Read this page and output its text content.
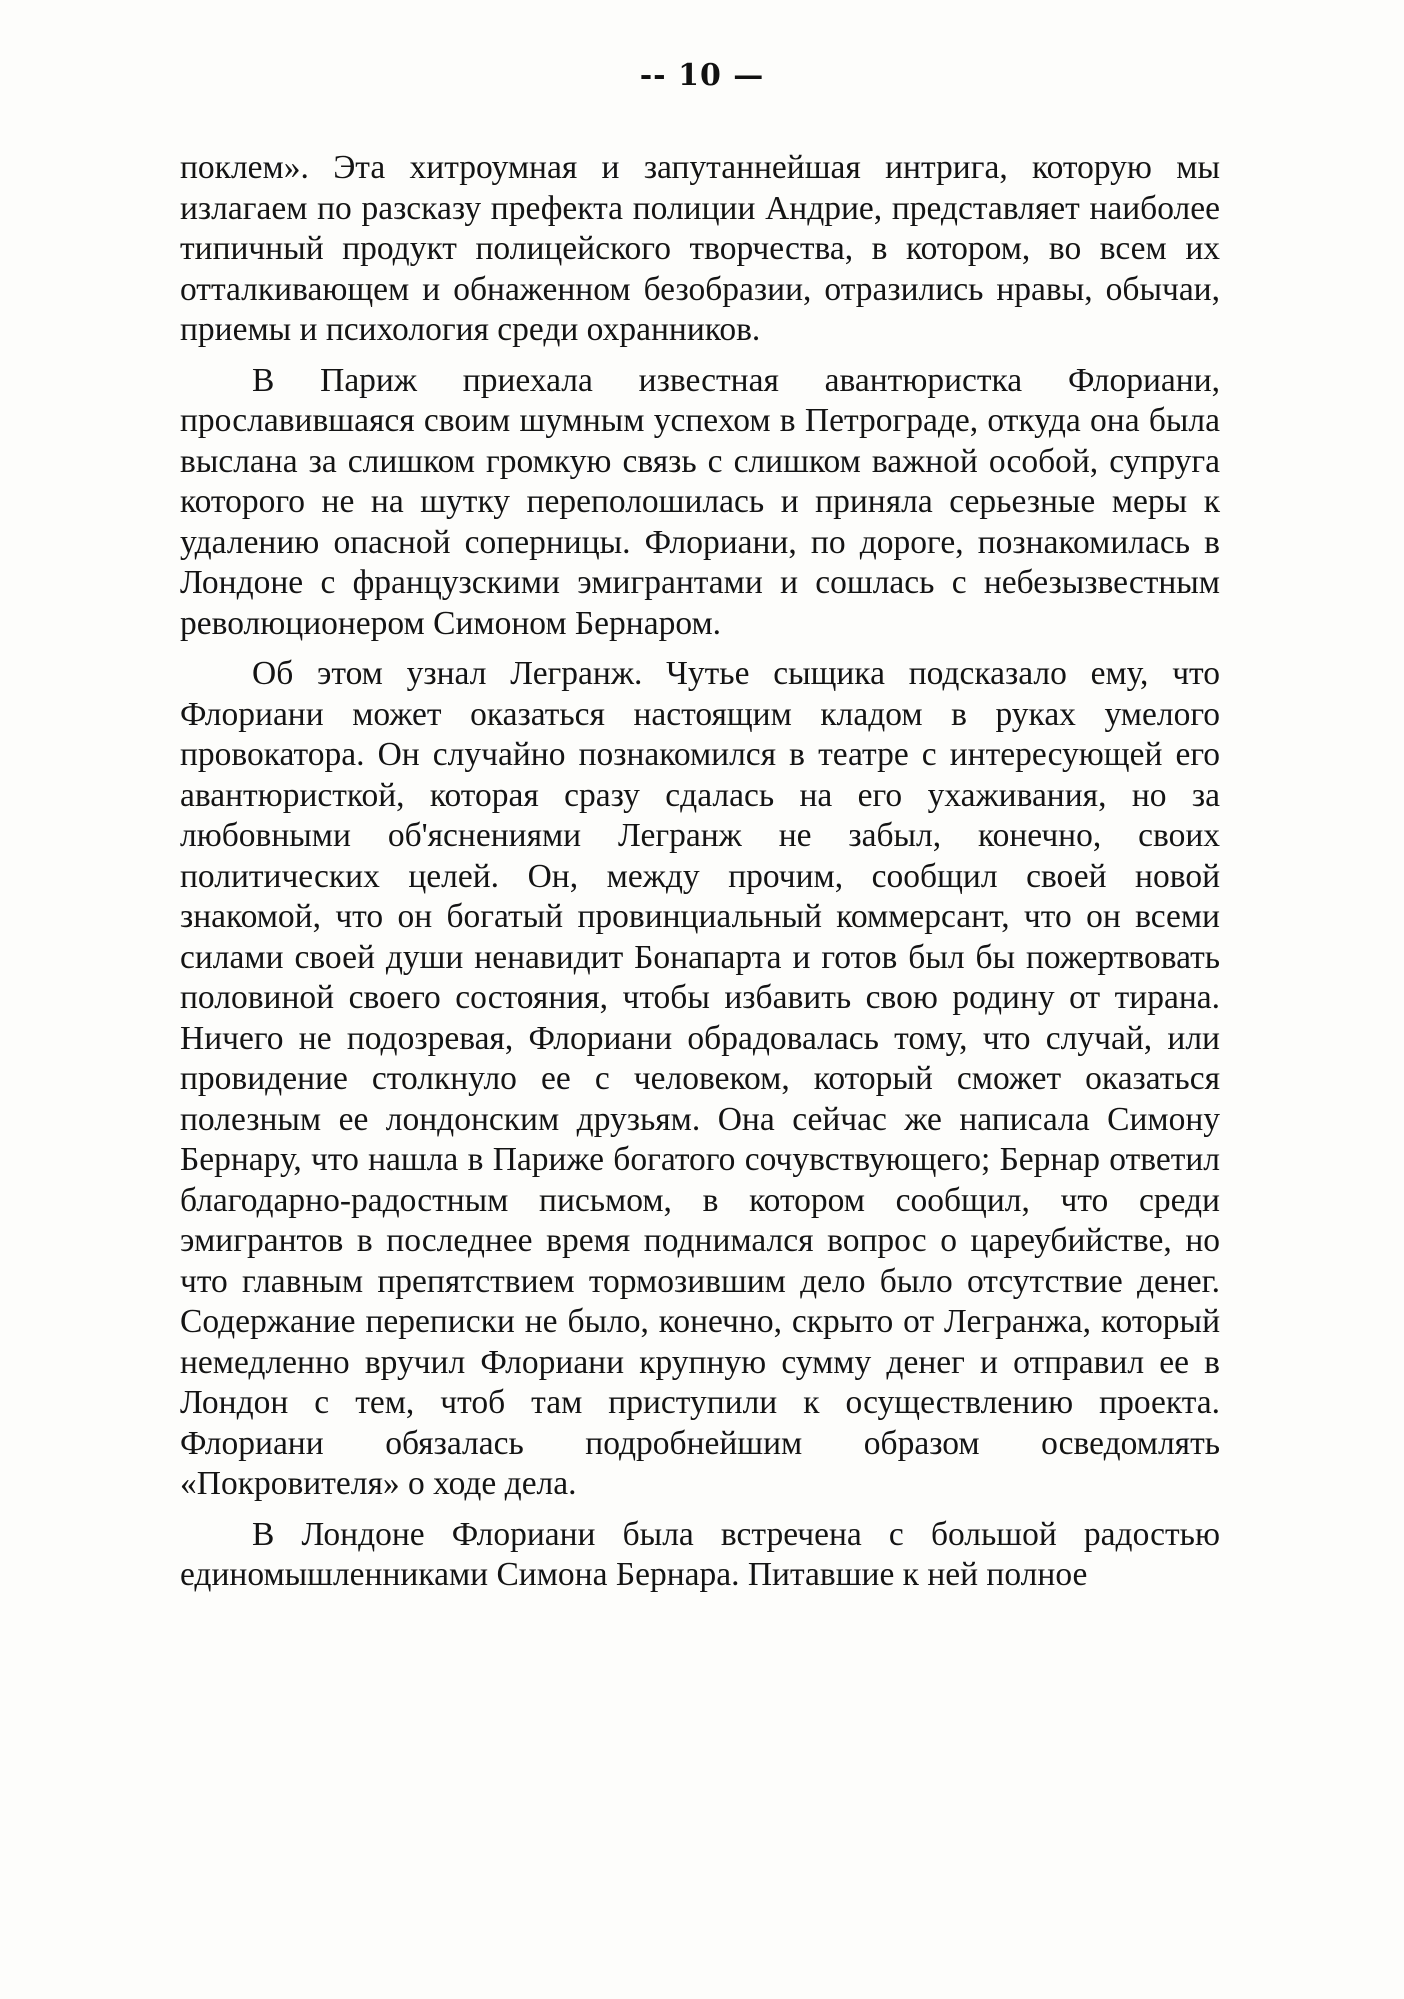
-- 10 —

поклем». Эта хитроумная и запутаннейшая интрига, которую мы излагаем по разсказу префекта полиции Андрие, представляет наиболее типичный продукт полицейского творчества, в котором, во всем их отталкивающем и обнаженном безобразии, отразились нравы, обычаи, приемы и психология среди охранников.

В Париж приехала известная авантюристка Флориани, прославившаяся своим шумным успехом в Петрограде, откуда она была выслана за слишком громкую связь с слишком важной особой, супруга которого не на шутку переполошилась и приняла серьезные меры к удалению опасной соперницы. Флориани, по дороге, познакомилась в Лондоне с французскими эмигрантами и сошлась с небезызвестным революционером Симоном Бернаром.

Об этом узнал Легранж. Чутье сыщика подсказало ему, что Флориани может оказаться настоящим кладом в руках умелого провокатора. Он случайно познакомился в театре с интересующей его авантюристкой, которая сразу сдалась на его ухаживания, но за любовными об'яснениями Легранж не забыл, конечно, своих политических целей. Он, между прочим, сообщил своей новой знакомой, что он богатый провинциальный коммерсант, что он всеми силами своей души ненавидит Бонапарта и готов был бы пожертвовать половиной своего состояния, чтобы избавить свою родину от тирана. Ничего не подозревая, Флориани обрадовалась тому, что случай, или провидение столкнуло ее с человеком, который сможет оказаться полезным ее лондонским друзьям. Она сейчас же написала Симону Бернару, что нашла в Париже богатого сочувствующего; Бернар ответил благодарно-радостным письмом, в котором сообщил, что среди эмигрантов в последнее время поднимался вопрос о цареубийстве, но что главным препятствием тормозившим дело было отсутствие денег. Содержание переписки не было, конечно, скрыто от Легранжа, который немедленно вручил Флориани крупную сумму денег и отправил ее в Лондон с тем, чтоб там приступили к осуществлению проекта. Флориани обязалась подробнейшим образом осведомлять «Покровителя» о ходе дела.

В Лондоне Флориани была встречена с большой радостью единомышленниками Симона Бернара. Питавшие к ней полное
